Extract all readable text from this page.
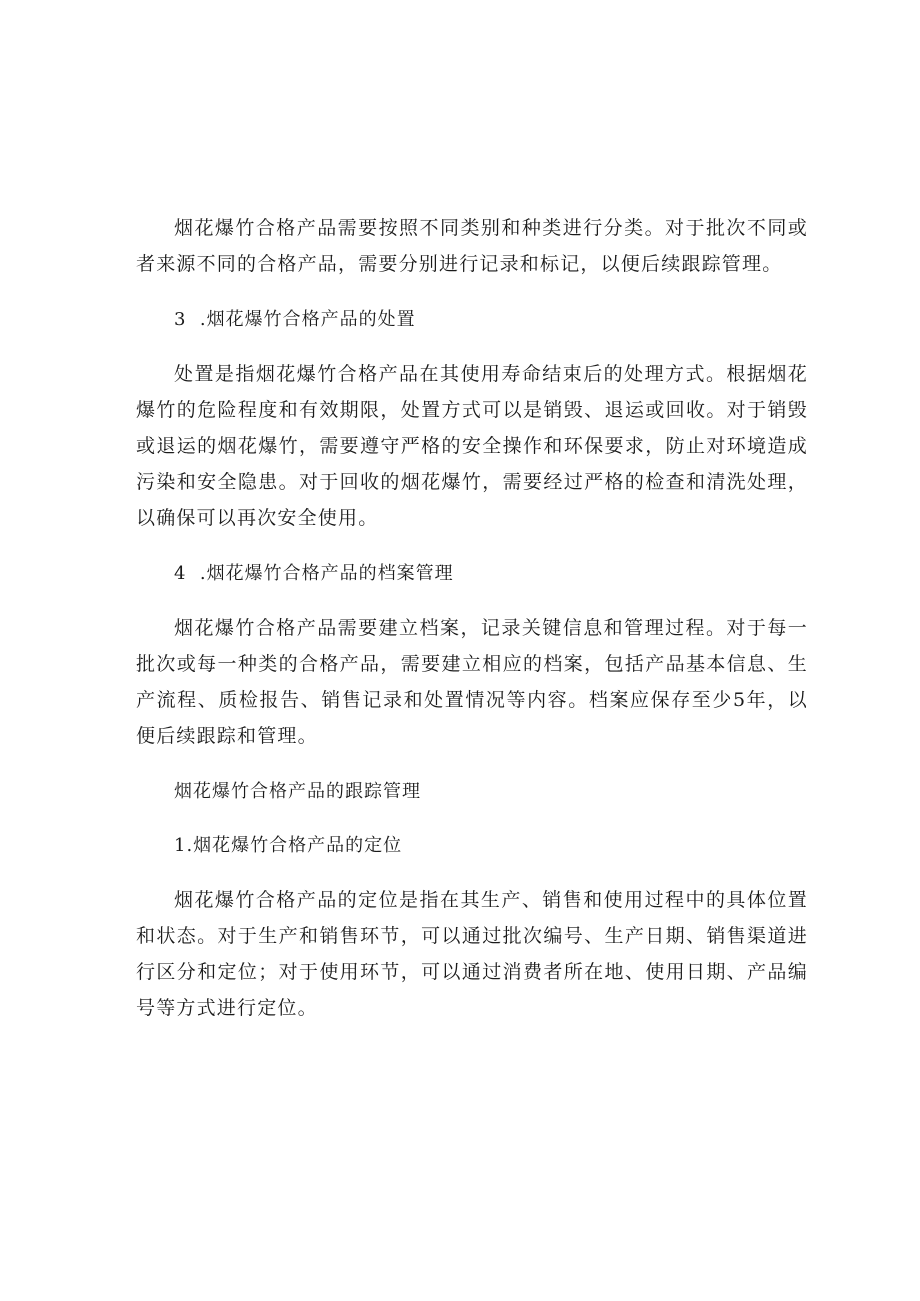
烟花爆竹合格产品需要按照不同类别和种类进行分类。对于批次不同或者来源不同的合格产品，需要分别进行记录和标记，以便后续跟踪管理。

3  .烟花爆竹合格产品的处置

处置是指烟花爆竹合格产品在其使用寿命结束后的处理方式。根据烟花爆竹的危险程度和有效期限，处置方式可以是销毁、退运或回收。对于销毁或退运的烟花爆竹，需要遵守严格的安全操作和环保要求，防止对环境造成污染和安全隐患。对于回收的烟花爆竹，需要经过严格的检查和清洗处理，以确保可以再次安全使用。

4  .烟花爆竹合格产品的档案管理

烟花爆竹合格产品需要建立档案，记录关键信息和管理过程。对于每一批次或每一种类的合格产品，需要建立相应的档案，包括产品基本信息、生产流程、质检报告、销售记录和处置情况等内容。档案应保存至少5年，以便后续跟踪和管理。

烟花爆竹合格产品的跟踪管理

1.烟花爆竹合格产品的定位

烟花爆竹合格产品的定位是指在其生产、销售和使用过程中的具体位置和状态。对于生产和销售环节，可以通过批次编号、生产日期、销售渠道进行区分和定位；对于使用环节，可以通过消费者所在地、使用日期、产品编号等方式进行定位。
